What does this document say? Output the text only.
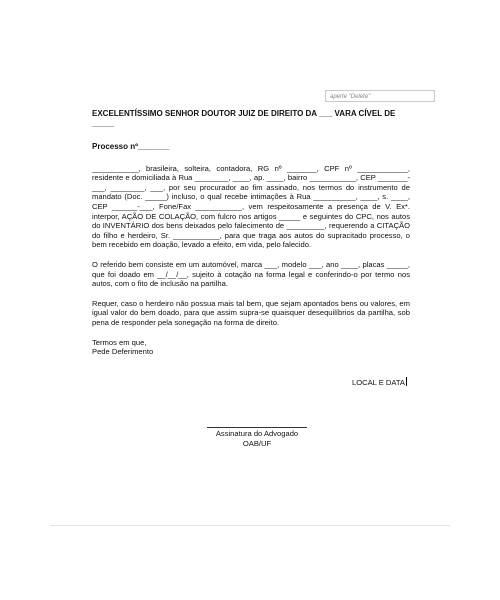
aperte "Delete"
EXCELENTÍSSIMO SENHOR DOUTOR JUIZ DE DIREITO DA ___ VARA CÍVEL DE _____
Processo nº_______

___________, brasileira, solteira, contadora, RG nº _______, CPF nº ____________, residente e domiciliada à Rua ________, ____, ap. ____, bairro ___________, CEP _______-___, ________, ___, por seu procurador ao fim assinado, nos termos do instrumento de mandato (Doc. _____) incluso, o qual recebe intimações à Rua __________, ____, s. ____, CEP ______-___, Fone/Fax ___________, vem respeitosamente a presença de V. Ex*. interpor, AÇÃO DE COLAÇÃO, com fulcro nos artigos _____ e seguintes do CPC, nos autos do INVENTÁRIO dos bens deixados pelo falecimento de _________, requerendo a CITAÇÃO do filho e herdeiro, Sr. ___________, para que traga aos autos do supracitado processo, o bem recebido em doação, levado a efeito, em vida, pelo falecido.

O referido bem consiste em um automóvel, marca ___, modelo ___, ano ____, placas _____, que foi doado em __/__/__, sujeito à cotação na forma legal e conferindo-o por termo nos autos, com o fito de inclusão na partilha.

Requer, caso o herdeiro não possua mais tal bem, que sejam apontados bens ou valores, em igual valor do bem doado, para que assim supra-se quaisquer desequilíbrios da partilha, sob pena de responder pela sonegação na forma de direito.

Termos em que,
Pede Deferimento
LOCAL E DATA
Assinatura do Advogado
OAB/UF
